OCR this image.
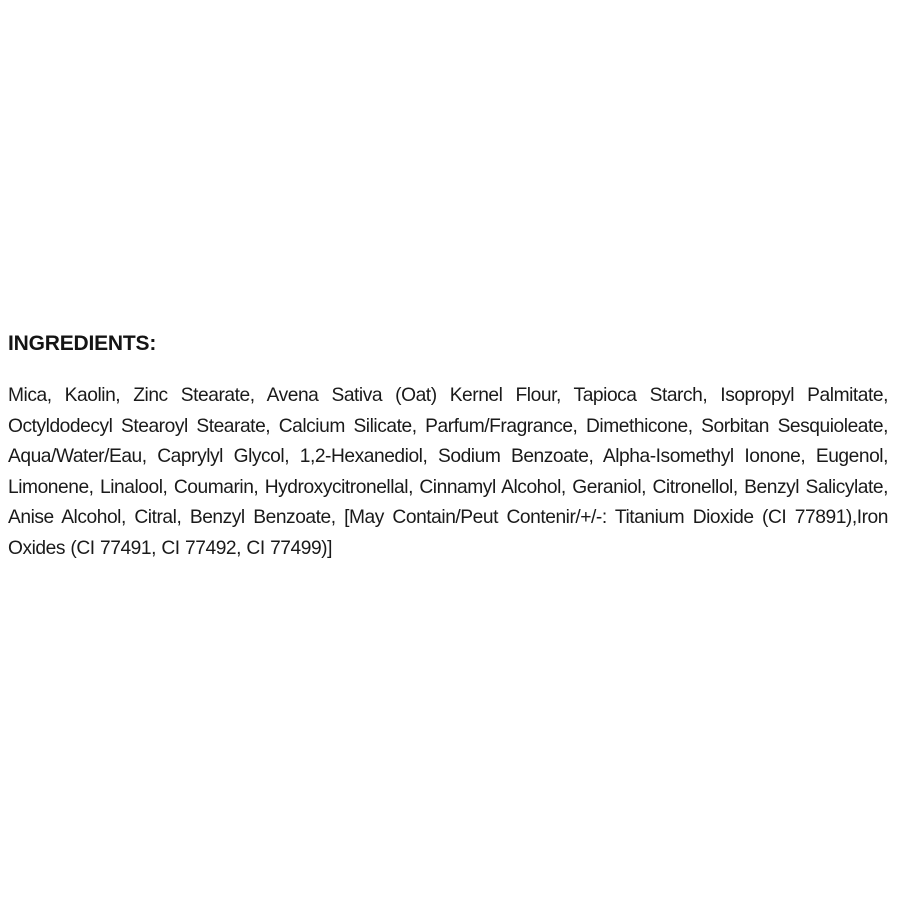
INGREDIENTS:

Mica, Kaolin, Zinc Stearate, Avena Sativa (Oat) Kernel Flour, Tapioca Starch, Isopropyl Palmitate, Octyldodecyl Stearoyl Stearate, Calcium Silicate, Parfum/Fragrance, Dimethicone, Sorbitan Sesquioleate, Aqua/Water/Eau, Caprylyl Glycol, 1,2-Hexanediol, Sodium Benzoate, Alpha-Isomethyl Ionone, Eugenol, Limonene, Linalool, Coumarin, Hydroxycitronellal, Cinnamyl Alcohol, Geraniol, Citronellol, Benzyl Salicylate, Anise Alcohol, Citral, Benzyl Benzoate, [May Contain/Peut Contenir/+/-: Titanium Dioxide (CI 77891),Iron Oxides (CI 77491, CI 77492, CI 77499)]
